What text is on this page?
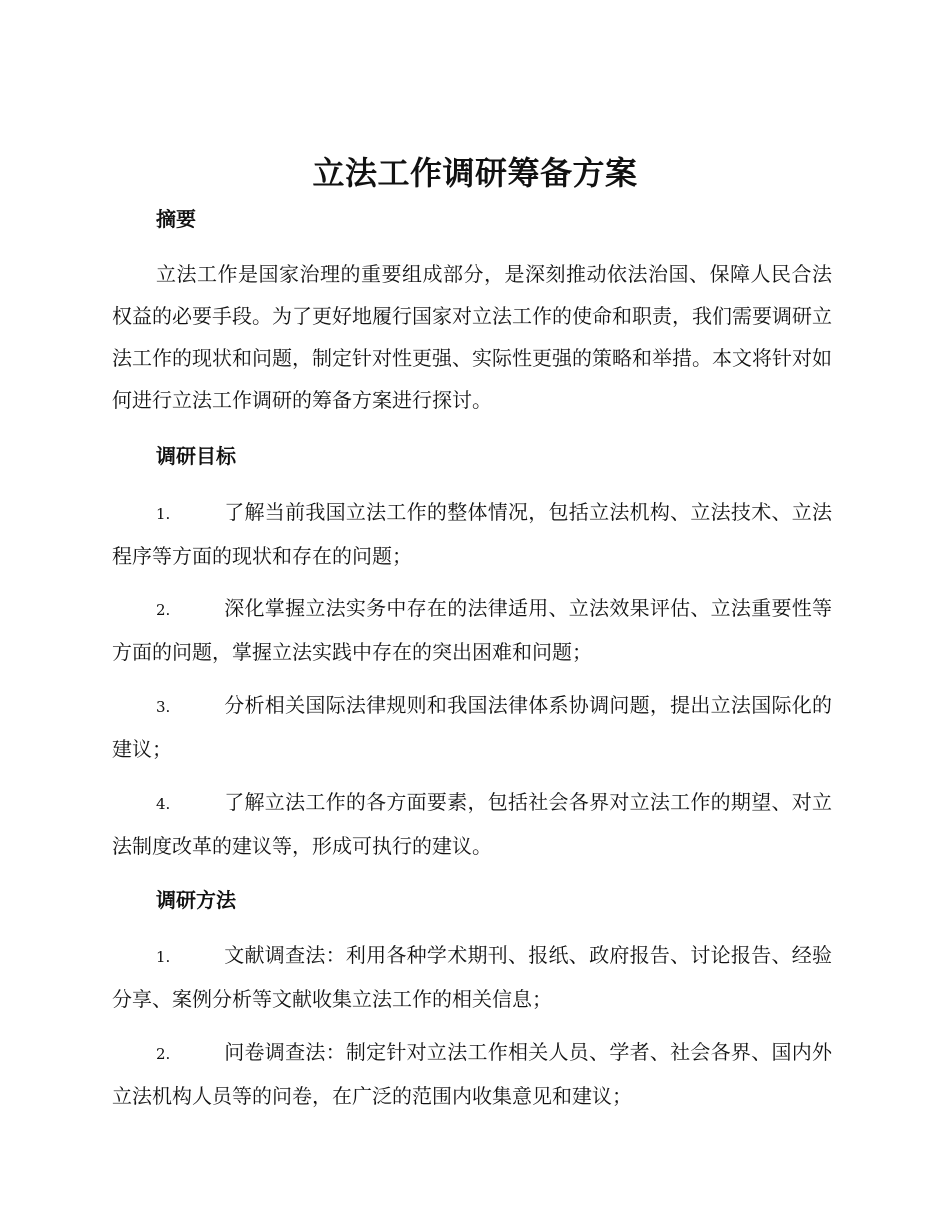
立法工作调研筹备方案
摘要
立法工作是国家治理的重要组成部分，是深刻推动依法治国、保障人民合法权益的必要手段。为了更好地履行国家对立法工作的使命和职责，我们需要调研立法工作的现状和问题，制定针对性更强、实际性更强的策略和举措。本文将针对如何进行立法工作调研的筹备方案进行探讨。
调研目标
1.	了解当前我国立法工作的整体情况，包括立法机构、立法技术、立法程序等方面的现状和存在的问题；
2.	深化掌握立法实务中存在的法律适用、立法效果评估、立法重要性等方面的问题，掌握立法实践中存在的突出困难和问题；
3.	分析相关国际法律规则和我国法律体系协调问题，提出立法国际化的建议；
4.	了解立法工作的各方面要素，包括社会各界对立法工作的期望、对立法制度改革的建议等，形成可执行的建议。
调研方法
1.	文献调查法：利用各种学术期刊、报纸、政府报告、讨论报告、经验分享、案例分析等文献收集立法工作的相关信息；
2.	问卷调查法：制定针对立法工作相关人员、学者、社会各界、国内外立法机构人员等的问卷，在广泛的范围内收集意见和建议；
